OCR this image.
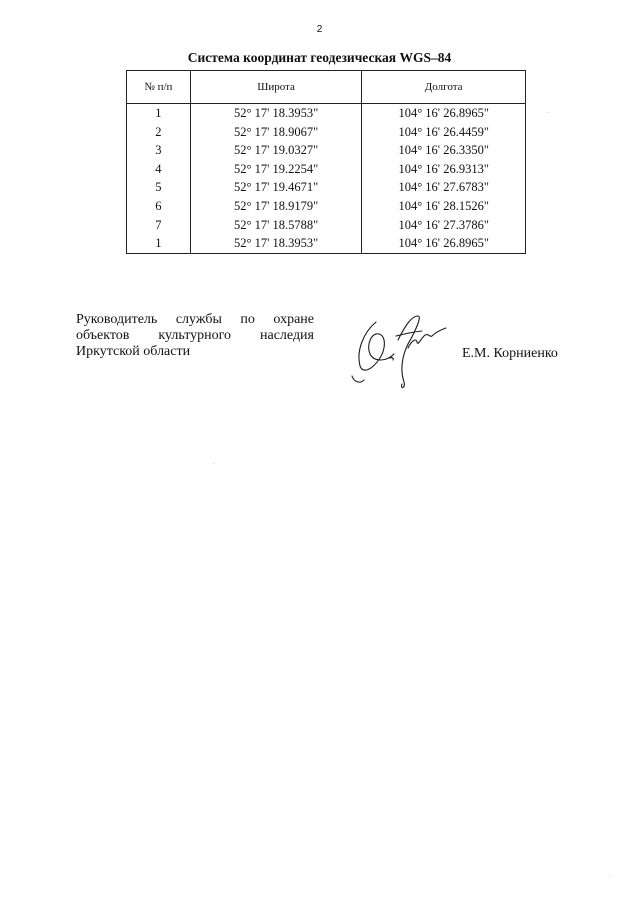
2
Система координат геодезическая WGS–84
№ п/п	Широта	Долгота
1	52° 17' 18.3953"	104° 16' 26.8965"
2	52° 17' 18.9067"	104° 16' 26.4459"
3	52° 17' 19.0327"	104° 16' 26.3350"
4	52° 17' 19.2254"	104° 16' 26.9313"
5	52° 17' 19.4671"	104° 16' 27.6783"
6	52° 17' 18.9179"	104° 16' 28.1526"
7	52° 17' 18.5788"	104° 16' 27.3786"
1	52° 17' 18.3953"	104° 16' 26.8965"
Руководитель службы по охране
объектов культурного наследия
Иркутской области	Е.М. Корниенко
